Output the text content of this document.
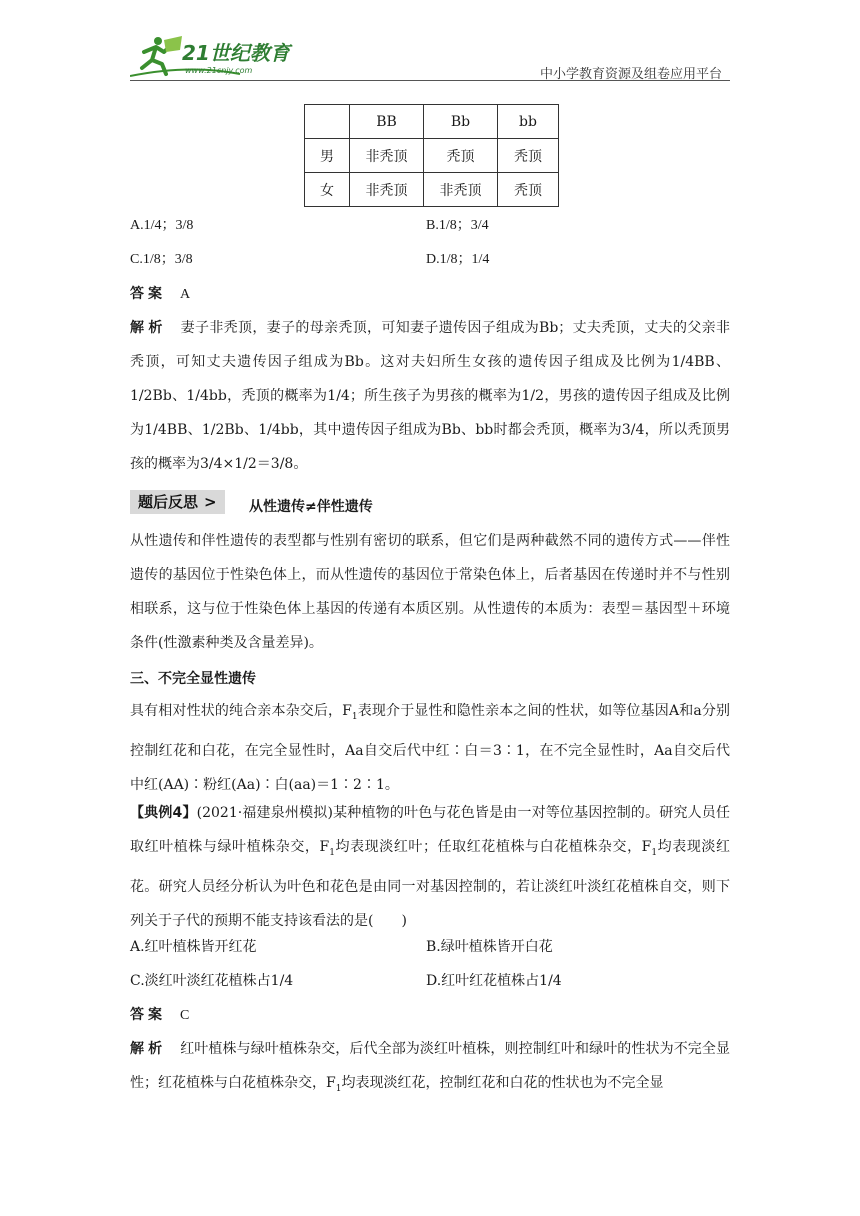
21世纪教育
www.21cnjy.com	中小学教育资源及组卷应用平台
	BB	Bb	bb
男	非秃顶	秃顶	秃顶
女	非秃顶	非秃顶	秃顶
A.1/4；3/8	B.1/8；3/4
C.1/8；3/8	D.1/8；1/4
答案 A
解析 妻子非秃顶，妻子的母亲秃顶，可知妻子遗传因子组成为Bb；丈夫秃顶，丈夫的父亲非秃顶，可知丈夫遗传因子组成为Bb。这对夫妇所生女孩的遗传因子组成及比例为1/4BB、1/2Bb、1/4bb，秃顶的概率为1/4；所生孩子为男孩的概率为1/2，男孩的遗传因子组成及比例为1/4BB、1/2Bb、1/4bb，其中遗传因子组成为Bb、bb时都会秃顶，概率为3/4，所以秃顶男孩的概率为3/4×1/2＝3/8。
题后反思 >	从性遗传≠伴性遗传
从性遗传和伴性遗传的表型都与性别有密切的联系，但它们是两种截然不同的遗传方式——伴性遗传的基因位于性染色体上，而从性遗传的基因位于常染色体上，后者基因在传递时并不与性别相联系，这与位于性染色体上基因的传递有本质区别。从性遗传的本质为：表型＝基因型＋环境条件(性激素种类及含量差异)。
三、不完全显性遗传
具有相对性状的纯合亲本杂交后，$F_1$表现介于显性和隐性亲本之间的性状，如等位基因A和a分别控制红花和白花，在完全显性时，Aa自交后代中红∶白＝3∶1，在不完全显性时，Aa自交后代中红(AA)∶粉红(Aa)∶白(aa)＝1∶2∶1。
【典例4】(2021·福建泉州模拟)某种植物的叶色与花色皆是由一对等位基因控制的。研究人员任取红叶植株与绿叶植株杂交，$F_1$均表现淡红叶；任取红花植株与白花植株杂交，$F_1$均表现淡红花。研究人员经分析认为叶色和花色是由同一对基因控制的，若让淡红叶淡红花植株自交，则下列关于子代的预期不能支持该看法的是(　　)
A.红叶植株皆开红花	B.绿叶植株皆开白花
C.淡红叶淡红花植株占1/4	D.红叶红花植株占1/4
答案 C
解析 红叶植株与绿叶植株杂交，后代全部为淡红叶植株，则控制红叶和绿叶的性状为不完全显性；红花植株与白花植株杂交，$F_1$均表现淡红花，控制红花和白花的性状也为不完全显
